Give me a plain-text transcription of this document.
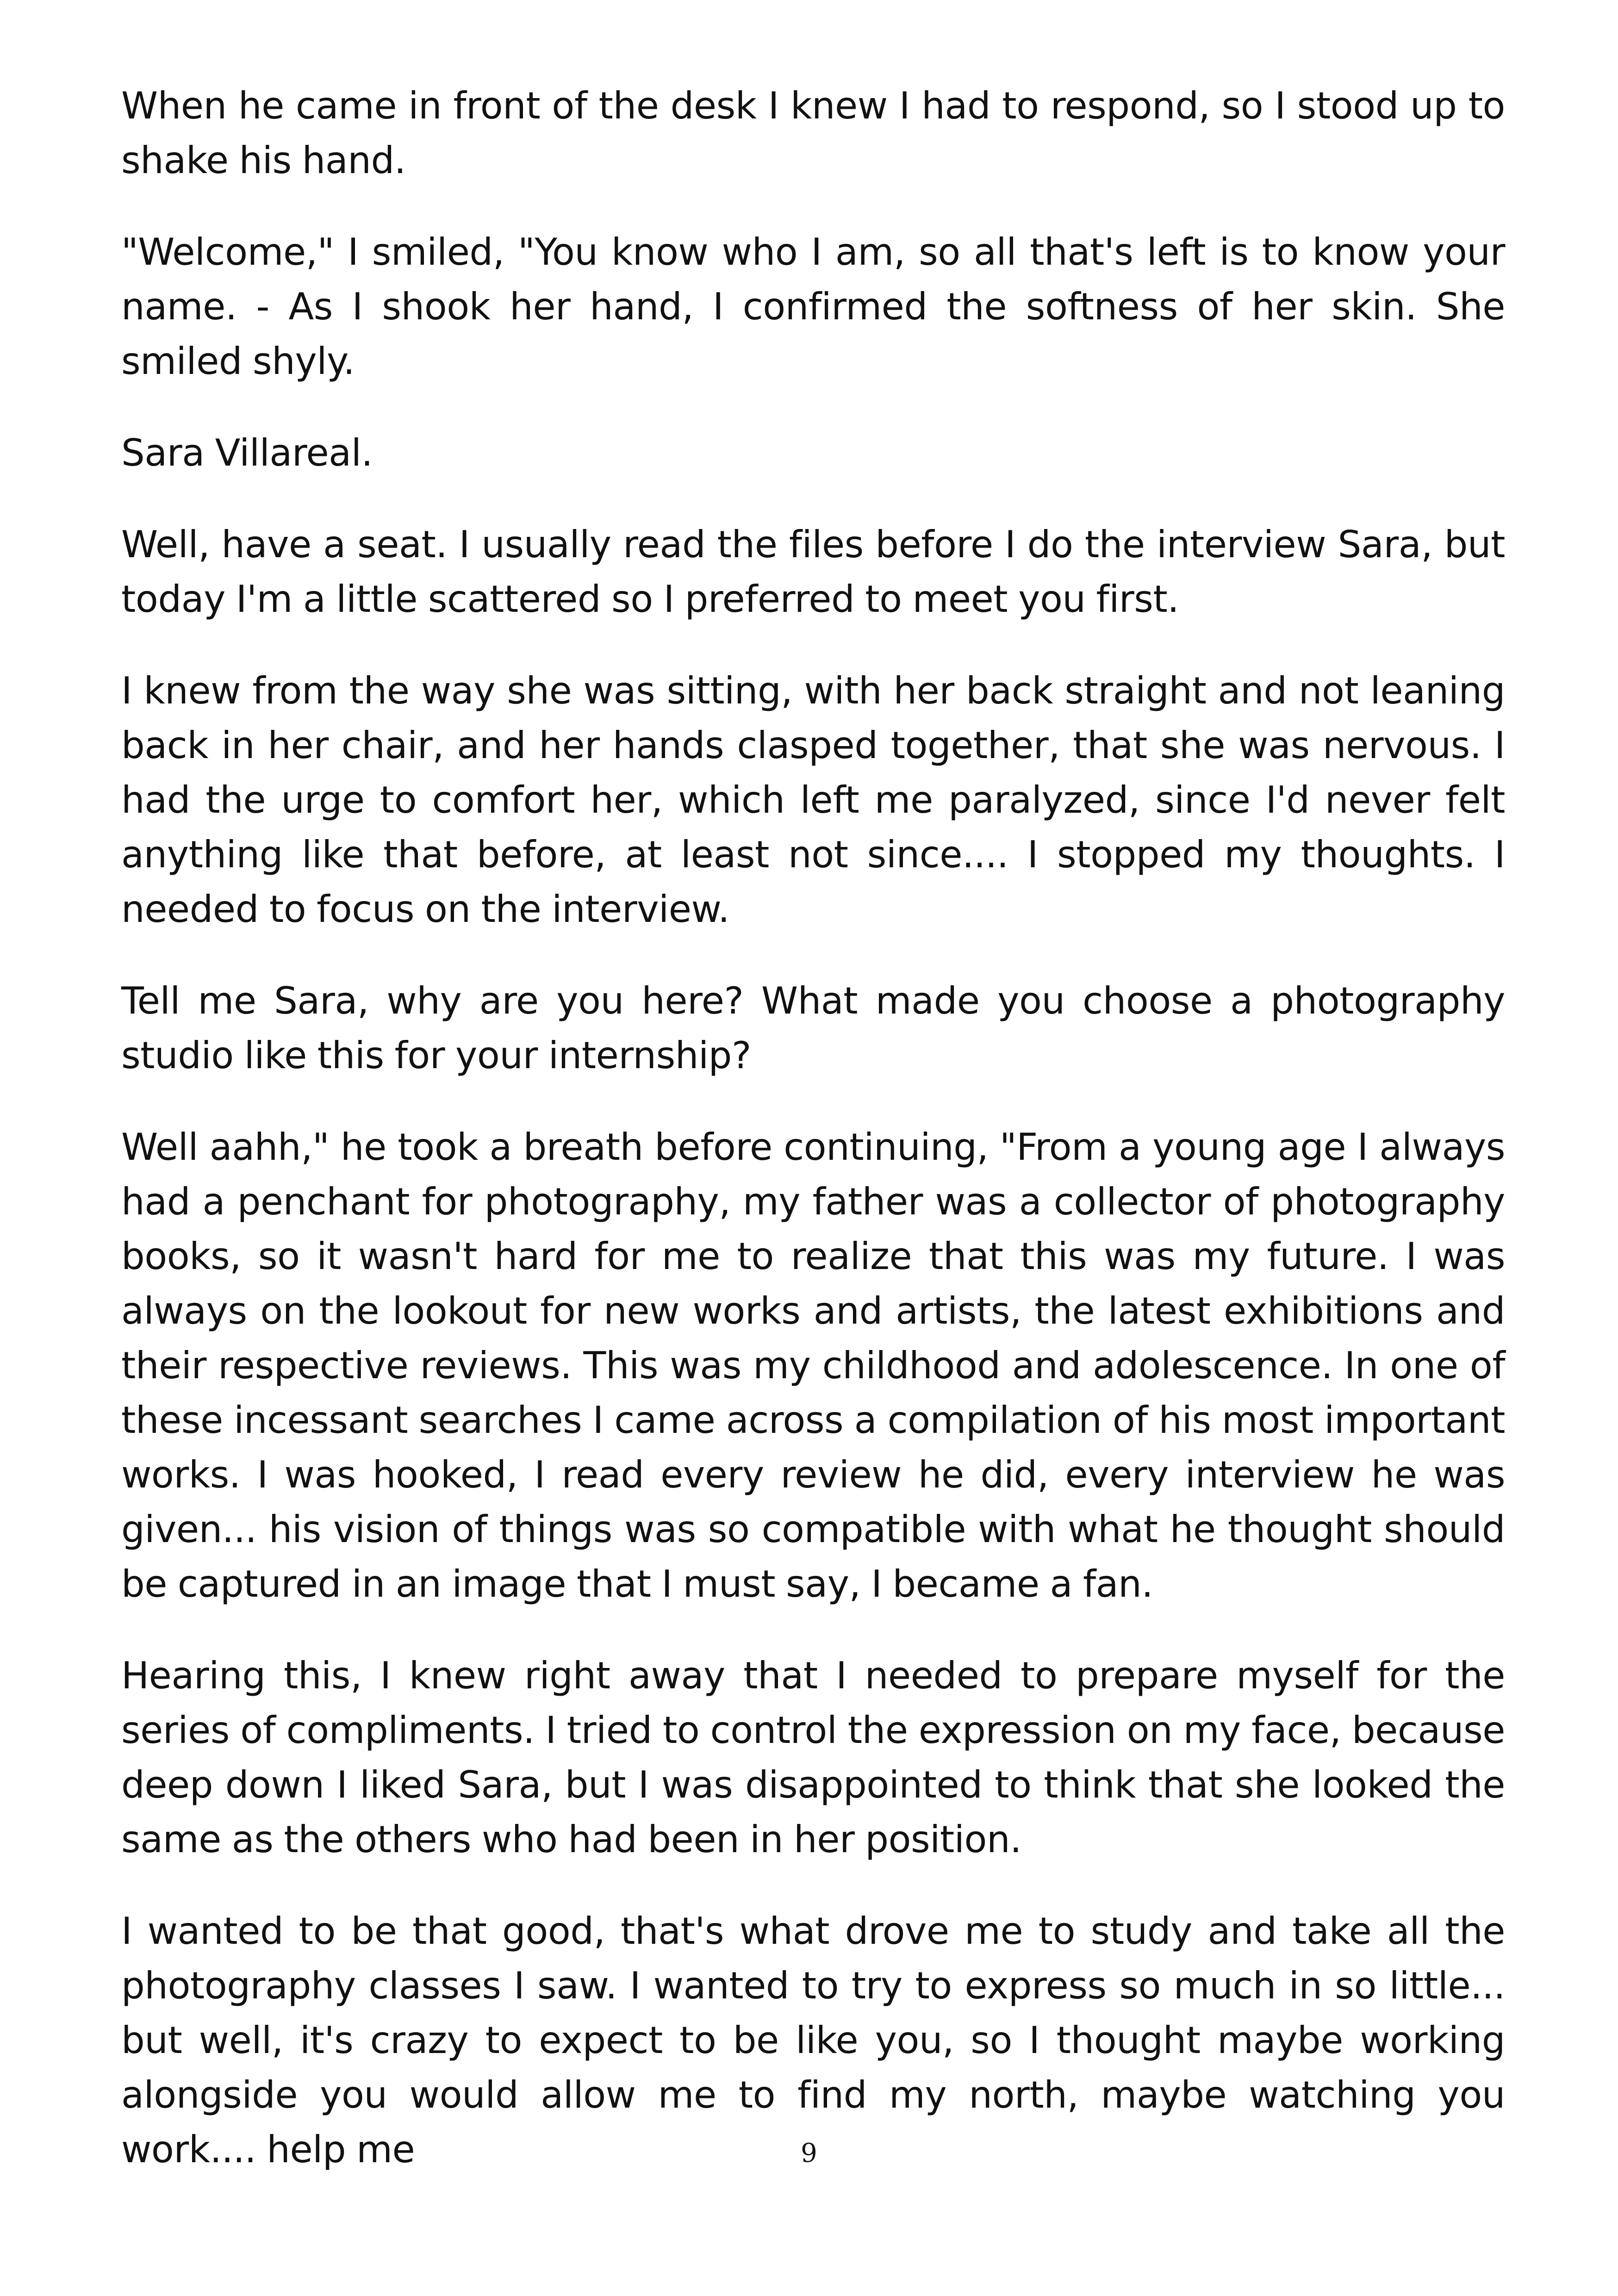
When he came in front of the desk I knew I had to respond, so I stood up to shake his hand.

"Welcome," I smiled, "You know who I am, so all that's left is to know your name. - As I shook her hand, I confirmed the softness of her skin. She smiled shyly.

Sara Villareal.

Well, have a seat. I usually read the files before I do the interview Sara, but today I'm a little scattered so I preferred to meet you first.

I knew from the way she was sitting, with her back straight and not leaning back in her chair, and her hands clasped together, that she was nervous. I had the urge to comfort her, which left me paralyzed, since I'd never felt anything like that before, at least not since.... I stopped my thoughts. I needed to focus on the interview.

Tell me Sara, why are you here? What made you choose a photography studio like this for your internship?

Well aahh," he took a breath before continuing, "From a young age I always had a penchant for photography, my father was a collector of photography books, so it wasn't hard for me to realize that this was my future. I was always on the lookout for new works and artists, the latest exhibitions and their respective reviews. This was my childhood and adolescence. In one of these incessant searches I came across a compilation of his most important works. I was hooked, I read every review he did, every interview he was given... his vision of things was so compatible with what he thought should be captured in an image that I must say, I became a fan.

Hearing this, I knew right away that I needed to prepare myself for the series of compliments. I tried to control the expression on my face, because deep down I liked Sara, but I was disappointed to think that she looked the same as the others who had been in her position.

I wanted to be that good, that's what drove me to study and take all the photography classes I saw. I wanted to try to express so much in so little... but well, it's crazy to expect to be like you, so I thought maybe working alongside you would allow me to find my north, maybe watching you work.... help me	9
